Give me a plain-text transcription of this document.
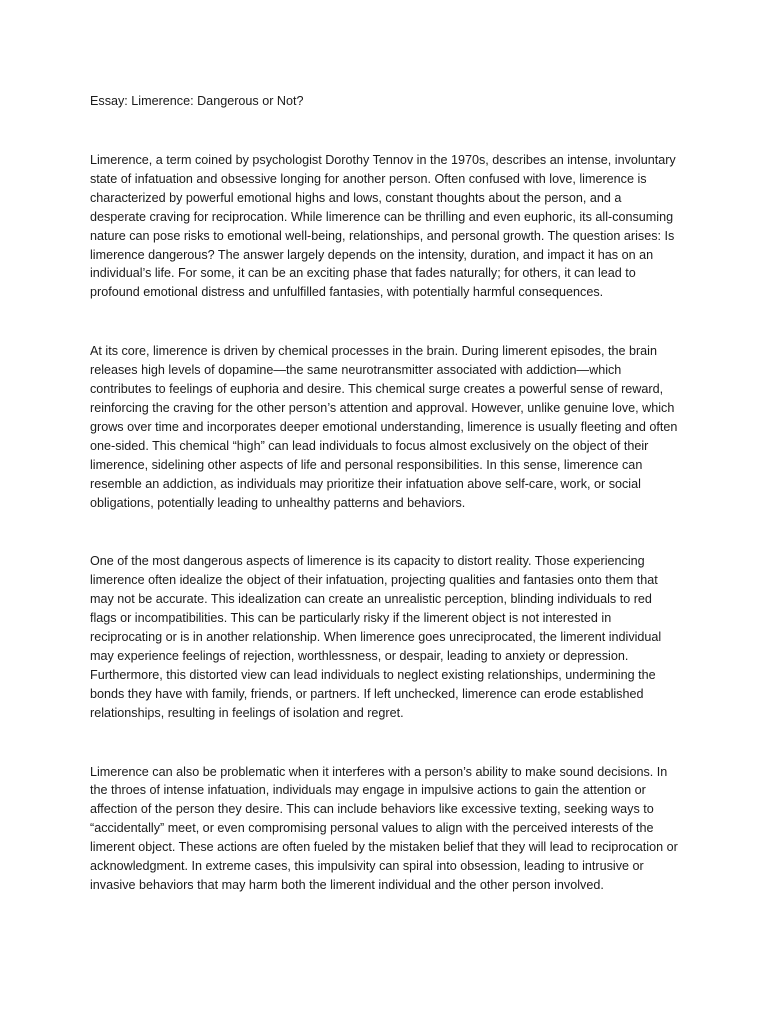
Essay: Limerence: Dangerous or Not?

Limerence, a term coined by psychologist Dorothy Tennov in the 1970s, describes an intense, involuntary state of infatuation and obsessive longing for another person. Often confused with love, limerence is characterized by powerful emotional highs and lows, constant thoughts about the person, and a desperate craving for reciprocation. While limerence can be thrilling and even euphoric, its all-consuming nature can pose risks to emotional well-being, relationships, and personal growth. The question arises: Is limerence dangerous? The answer largely depends on the intensity, duration, and impact it has on an individual’s life. For some, it can be an exciting phase that fades naturally; for others, it can lead to profound emotional distress and unfulfilled fantasies, with potentially harmful consequences.

At its core, limerence is driven by chemical processes in the brain. During limerent episodes, the brain releases high levels of dopamine—the same neurotransmitter associated with addiction—which contributes to feelings of euphoria and desire. This chemical surge creates a powerful sense of reward, reinforcing the craving for the other person’s attention and approval. However, unlike genuine love, which grows over time and incorporates deeper emotional understanding, limerence is usually fleeting and often one-sided. This chemical “high” can lead individuals to focus almost exclusively on the object of their limerence, sidelining other aspects of life and personal responsibilities. In this sense, limerence can resemble an addiction, as individuals may prioritize their infatuation above self-care, work, or social obligations, potentially leading to unhealthy patterns and behaviors.

One of the most dangerous aspects of limerence is its capacity to distort reality. Those experiencing limerence often idealize the object of their infatuation, projecting qualities and fantasies onto them that may not be accurate. This idealization can create an unrealistic perception, blinding individuals to red flags or incompatibilities. This can be particularly risky if the limerent object is not interested in reciprocating or is in another relationship. When limerence goes unreciprocated, the limerent individual may experience feelings of rejection, worthlessness, or despair, leading to anxiety or depression. Furthermore, this distorted view can lead individuals to neglect existing relationships, undermining the bonds they have with family, friends, or partners. If left unchecked, limerence can erode established relationships, resulting in feelings of isolation and regret.

Limerence can also be problematic when it interferes with a person’s ability to make sound decisions. In the throes of intense infatuation, individuals may engage in impulsive actions to gain the attention or affection of the person they desire. This can include behaviors like excessive texting, seeking ways to “accidentally” meet, or even compromising personal values to align with the perceived interests of the limerent object. These actions are often fueled by the mistaken belief that they will lead to reciprocation or acknowledgment. In extreme cases, this impulsivity can spiral into obsession, leading to intrusive or invasive behaviors that may harm both the limerent individual and the other person involved.
